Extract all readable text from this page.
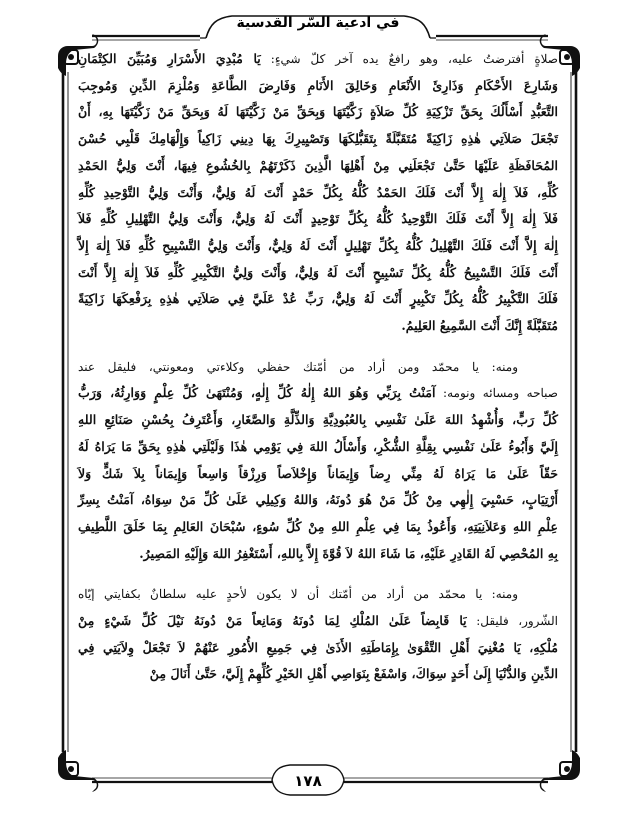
في ادعية السّر القدسية
صلاةٍ أفترضتُ عليه، وهو رافعٌ يده آخر كلّ شيءٍ: يَا مُبْدِيَ الأَسْرَارِ وَمُبَيِّنَ الكِتْمَانِ
وَشَارِعَ الأَحْكَامِ وَذَارِئَ الأَنْعَامِ وَخَالِقَ الأَنَامِ وَفَارِضَ الطَّاعَةِ وَمُلْزِمَ الدِّينِ وَمُوجِبَ
التَّعَبُّدِ أَسْأَلُكَ بِحَقِّ تَزْكِيَةِ كُلِّ صَلاَةٍ زَكَّيْتَهَا وَبِحَقِّ مَنْ زَكَّيْتَهَا لَهُ وَبِحَقِّ مَنْ زَكَّيْتَهَا بِهِ، أَنْ
تَجْعَلَ صَلاَتِي هٰذِهِ زَاكِيَةً مُتَقَبَّلَةً بِتَقَبُّلِكَهَا وَتَصْيِيرِكَ بِهَا دِينِي زَاكِياً وَإِلْهَامِكَ قَلْبِي حُسْنَ
المُحَافَظَةِ عَلَيْهَا حَتَّىٰ تَجْعَلَنِي مِنْ أَهْلِهَا الَّذِينَ ذَكَرْتَهُمْ بِالخُشُوعِ فِيهَا، أَنْتَ وَلِيُّ الحَمْدِ
كُلِّهِ، فَلاَ إِلٰهَ إِلاَّ أَنْتَ فَلَكَ الحَمْدُ كُلُّهُ بِكُلِّ حَمْدٍ أَنْتَ لَهُ وَلِيٌّ، وَأَنْتَ وَلِيُّ التَّوْحِيدِ كُلِّهِ
فَلاَ إِلٰهَ إِلاَّ أَنْتَ فَلَكَ التَّوْحِيدُ كُلُّهُ بِكُلِّ تَوْحِيدٍ أَنْتَ لَهُ وَلِيٌّ، وَأَنْتَ وَلِيُّ التَّهْلِيلِ كُلِّهِ فَلاَ
إِلٰهَ إِلاَّ أَنْتَ فَلَكَ التَّهْلِيلُ كُلُّهُ بِكُلِّ تَهْلِيلٍ أَنْتَ لَهُ وَلِيٌّ، وَأَنْتَ وَلِيُّ التَّسْبِيحِ كُلِّهِ فَلاَ إِلٰهَ إِلاَّ
أَنْتَ فَلَكَ التَّسْبِيحُ كُلُّهُ بِكُلِّ تَسْبِيحٍ أَنْتَ لَهُ وَلِيٌّ، وَأَنْتَ وَلِيُّ التَّكْبِيرِ كُلِّهِ فَلاَ إِلٰهَ إِلاَّ أَنْتَ
فَلَكَ التَّكْبِيرُ كُلُّهُ بِكُلِّ تَكْبِيرٍ أَنْتَ لَهُ وَلِيٌّ، رَبِّ عُدْ عَلَيَّ فِي صَلاَتِي هٰذِهِ بِرَفْعِكَهَا زَاكِيَةً
مُتَقَبَّلَةً إِنَّكَ أَنْتَ السَّمِيعُ العَلِيمُ.
ومنه: يا محمّد ومن أراد من أمّتك حفظي وكلاءتي ومعونتي، فليقل عند
صباحه ومسائه ونومه: آمَنْتُ بِرَبِّي وَهُوَ اللهُ إِلٰهُ كُلِّ إِلٰهٍ، وَمُنْتَهَىٰ كُلِّ عِلْمٍ وَوَارِثُهُ، وَرَبُّ
كُلِّ رَبٍّ، وَأُشْهِدُ اللهَ عَلَىٰ نَفْسِي بِالعُبُودِيَّةِ وَالذِّلَّةِ وَالصَّغَارِ، وَأَعْتَرِفُ بِحُسْنِ صَنَائِعِ اللهِ
إِلَيَّ وَأَبُوءُ عَلَىٰ نَفْسِي بِقِلَّةِ الشُّكْرِ، وَأَسْأَلُ اللهَ فِي يَوْمِي هٰذَا وَلَيْلَتِي هٰذِهِ بِحَقِّ مَا يَرَاهُ لَهُ
حَقّاً عَلَىٰ مَا يَرَاهُ لَهُ مِنِّي رِضاً وَإِيمَاناً وَإِخْلاَصاً وَرِزْقاً وَاسِعاً وَإِيمَاناً بِلاَ شَكٍّ وَلاَ
أَرْتِيَابٍ، حَسْبِيَ إِلٰهِي مِنْ كُلِّ مَنْ هُوَ دُونَهُ، وَاللهُ وَكِيلِي عَلَىٰ كُلِّ مَنْ سِوَاهُ، آمَنْتُ بِسِرِّ
عِلْمِ اللهِ وَعَلاَنِيَتِهِ، وَأَعُوذُ بِمَا فِي عِلْمِ اللهِ مِنْ كُلِّ سُوءٍ، سُبْحَانَ العَالِمِ بِمَا خَلَقَ اللَّطِيفِ
بِهِ المُحْصِي لَهُ القَادِرِ عَلَيْهِ، مَا شَاءَ اللهُ لاَ قُوَّةَ إِلاَّ بِاللهِ، أَسْتَغْفِرُ اللهَ وَإِلَيْهِ المَصِيرُ.
ومنه: يا محمّد من أراد من أمّتك أن لا يكون لأحدٍ عليه سلطانٌ بكفايتي إيّاه
الشّرور، فليقل: يَا قَابِضاً عَلَىٰ المُلْكِ لِمَا دُونَهُ وَمَانِعاً مَنْ دُونَهُ نَيْلَ كُلِّ شَيْءٍ مِنْ
مُلْكِهِ، يَا مُغْنِيَ أَهْلِ التَّقْوَىٰ بِإِمَاطَتِهِ الأَذَىٰ فِي جَمِيعِ الأُمُورِ عَنْهُمْ لاَ تَجْعَلْ وِلاَيَتِي فِي
الدِّينِ وَالدُّنْيَا إِلَىٰ أَحَدٍ سِوَاكَ، وَاسْفَعْ بِنَوَاصِي أَهْلِ الخَيْرِ كُلِّهِمْ إِلَيَّ، حَتَّىٰ أَنَالَ مِنْ
١٧٨
